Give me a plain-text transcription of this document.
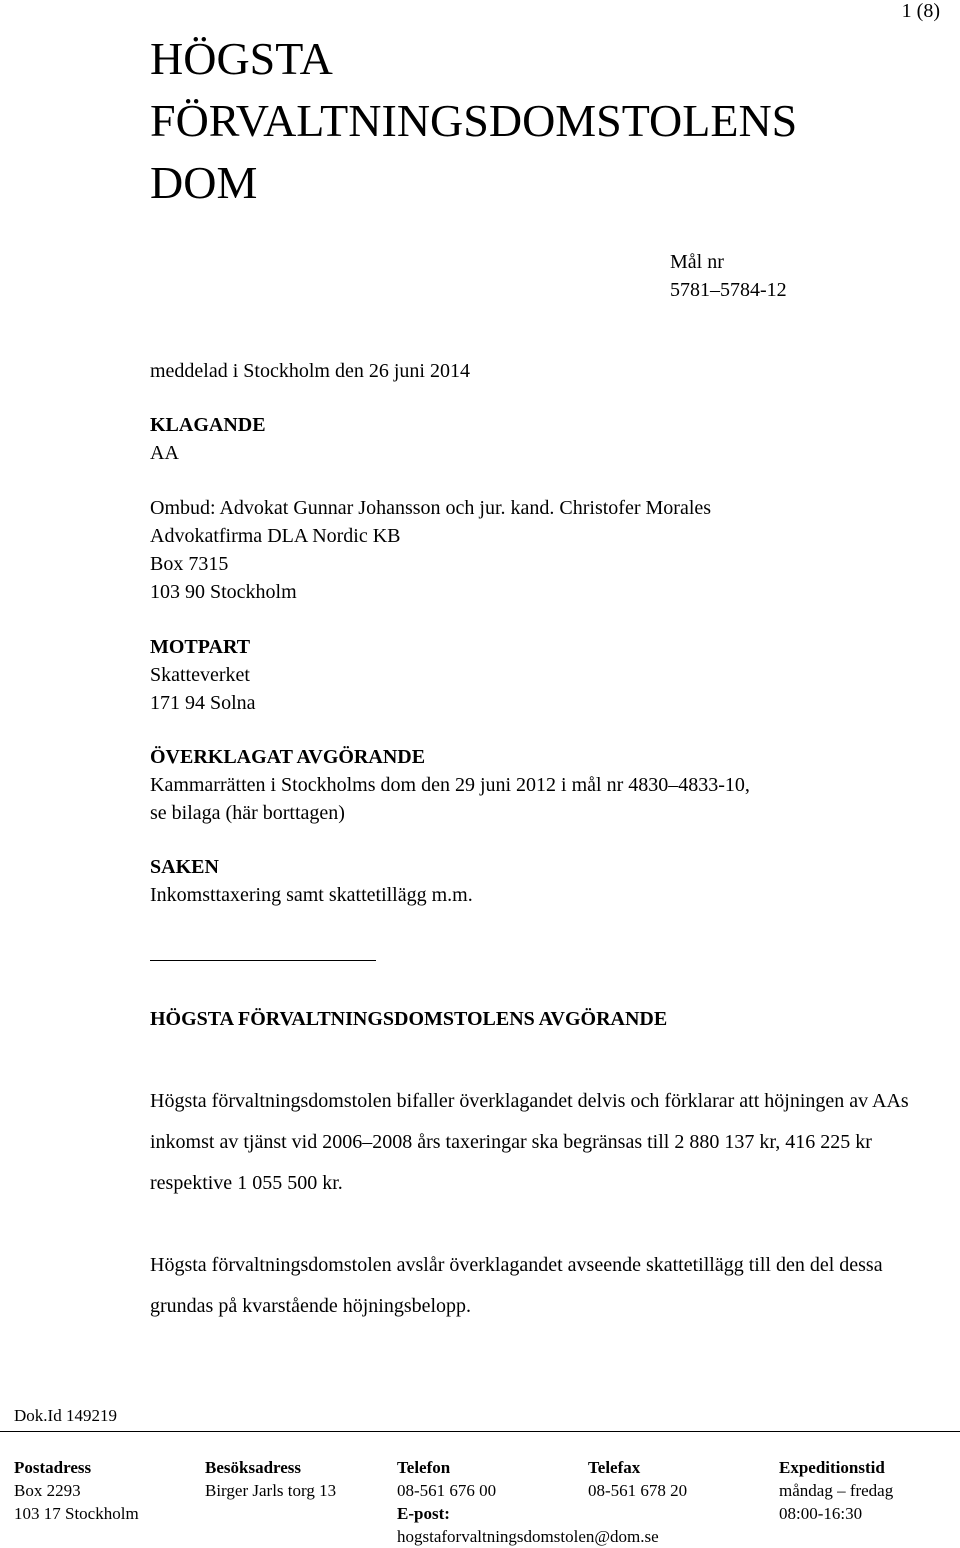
1 (8)
HÖGSTA
FÖRVALTNINGSDOMSTOLENS
DOM
Mål nr
5781–5784-12
meddelad i Stockholm den 26 juni 2014
KLAGANDE
AA
Ombud: Advokat Gunnar Johansson och jur. kand. Christofer Morales
Advokatfirma DLA Nordic KB
Box 7315
103 90 Stockholm
MOTPART
Skatteverket
171 94 Solna
ÖVERKLAGAT AVGÖRANDE
Kammarrätten i Stockholms dom den 29 juni 2012 i mål nr 4830–4833-10,
se bilaga (här borttagen)
SAKEN
Inkomsttaxering samt skattetillägg m.m.
HÖGSTA FÖRVALTNINGSDOMSTOLENS AVGÖRANDE
Högsta förvaltningsdomstolen bifaller överklagandet delvis och förklarar att höjningen av AAs inkomst av tjänst vid 2006–2008 års taxeringar ska begränsas till 2 880 137 kr, 416 225 kr respektive 1 055 500 kr.
Högsta förvaltningsdomstolen avslår överklagandet avseende skattetillägg till den del dessa grundas på kvarstående höjningsbelopp.
Dok.Id 149219
Postadress
Box 2293
103 17 Stockholm
Besöksadress
Birger Jarls torg 13
Telefon
08-561 676 00
E-post:
hogstaforvaltningsdomstolen@dom.se
Telefax
08-561 678 20
Expeditionstid
måndag – fredag
08:00-16:30
